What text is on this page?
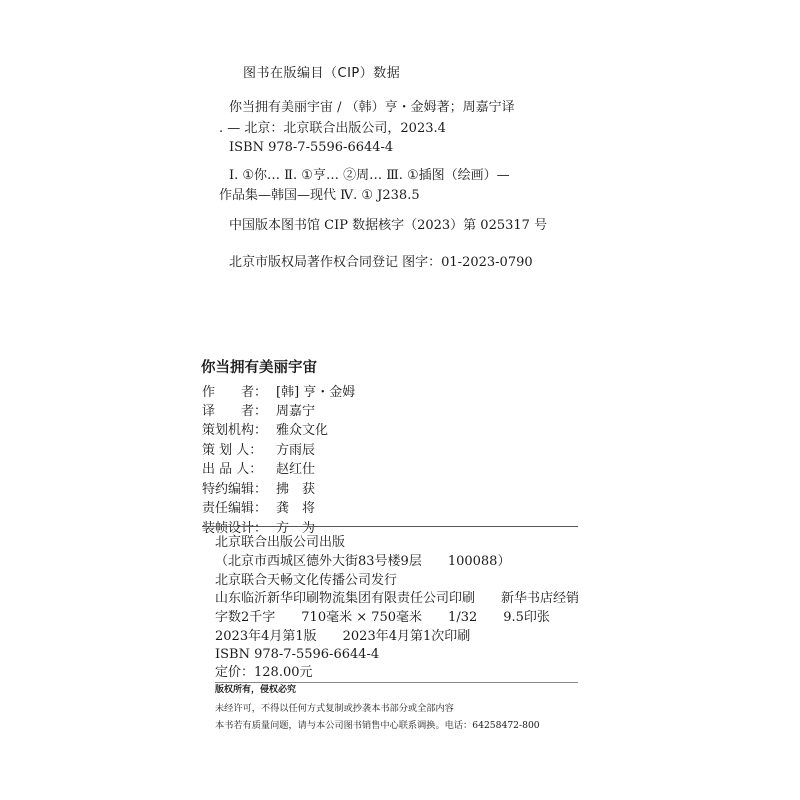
图书在版编目（CIP）数据
你当拥有美丽宇宙 / （韩）亨・金姆著；周嘉宁译
. — 北京：北京联合出版公司，2023.4
ISBN 978-7-5596-6644-4
Ⅰ. ①你… Ⅱ. ①亨… ②周… Ⅲ. ①插图（绘画）—
作品集—韩国—现代 Ⅳ. ① J238.5
中国版本图书馆 CIP 数据核字（2023）第 025317 号
北京市版权局著作权合同登记 图字：01-2023-0790
你当拥有美丽宇宙
作　　者： [韩] 亨・金姆
译　　者： 周嘉宁
策划机构： 雅众文化
策 划 人： 方雨辰
出 品 人： 赵红仕
特约编辑： 拂　获
责任编辑： 龚　将
装帧设计： 方　为
北京联合出版公司出版
（北京市西城区德外大街83号楼9层　　100088）
北京联合天畅文化传播公司发行
山东临沂新华印刷物流集团有限责任公司印刷　　新华书店经销
字数2千字　　710毫米 × 750毫米　　1/32　　9.5印张
2023年4月第1版　　2023年4月第1次印刷
ISBN 978-7-5596-6644-4
定价：128.00元
版权所有，侵权必究
未经许可，不得以任何方式复制或抄袭本书部分或全部内容
本书若有质量问题，请与本公司图书销售中心联系调换。电话：64258472-800
